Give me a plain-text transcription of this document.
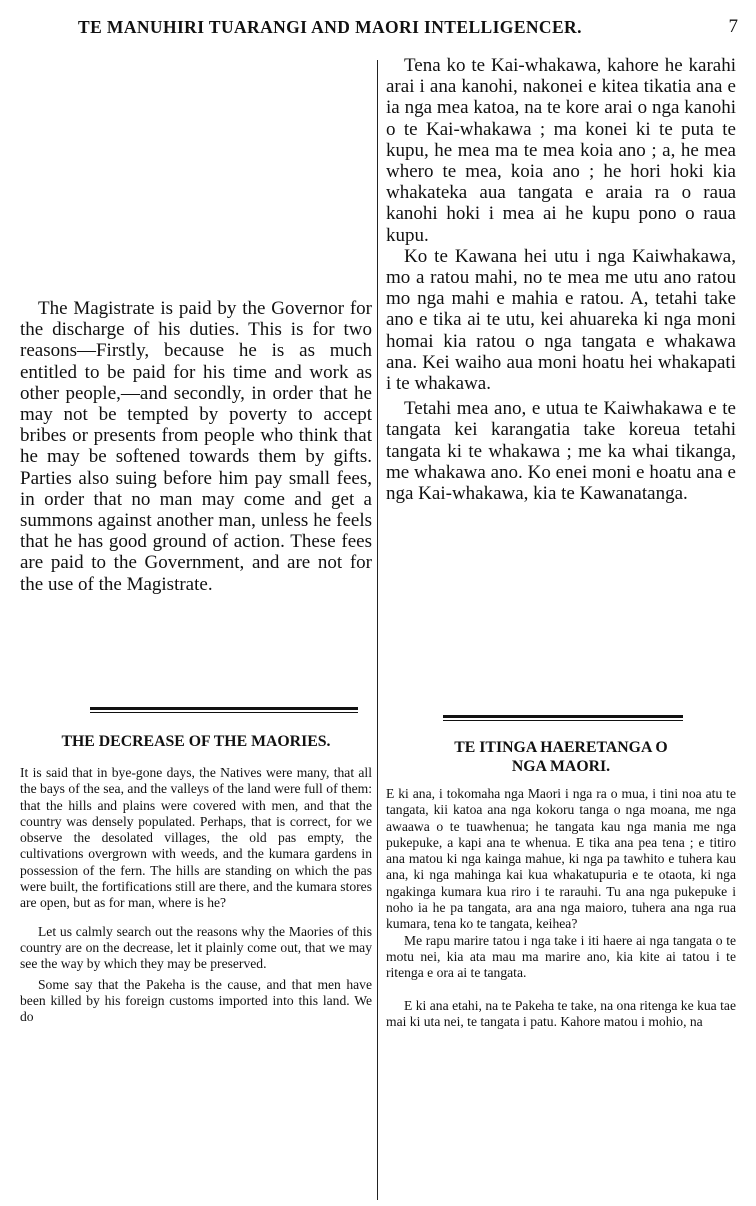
TE MANUHIRI TUARANGI AND MAORI INTELLIGENCER.	7

The Magistrate is paid by the Governor for the discharge of his duties. This is for two reasons—Firstly, because he is as much entitled to be paid for his time and work as other people,—and secondly, in order that he may not be tempted by poverty to accept bribes or presents from people who think that he may be softened towards them by gifts. Parties also suing before him pay small fees, in order that no man may come and get a summons against another man, unless he feels that he has good ground of action. These fees are paid to the Government, and are not for the use of the Magistrate.

THE DECREASE OF THE MAORIES.

It is said that in bye-gone days, the Natives were many, that all the bays of the sea, and the valleys of the land were full of them: that the hills and plains were covered with men, and that the country was densely populated. Perhaps, that is correct, for we observe the desolated villages, the old pas empty, the cultivations overgrown with weeds, and the kumara gardens in possession of the fern. The hills are standing on which the pas were built, the fortifications still are there, and the kumara stores are open, but as for man, where is he?

Let us calmly search out the reasons why the Maories of this country are on the decrease, let it plainly come out, that we may see the way by which they may be preserved.

Some say that the Pakeha is the cause, and that men have been killed by his foreign customs imported into this land. We do

Tena ko te Kai-whakawa, kahore he karahi arai i ana kanohi, nakonei e kitea tikatia ana e ia nga mea katoa, na te kore arai o nga kanohi o te Kai-whakawa ; ma konei ki te puta te kupu, he mea ma te mea koia ano ; a, he mea whero te mea, koia ano ; he hori hoki kia whakateka aua tangata e araia ra o raua kanohi hoki i mea ai he kupu pono o raua kupu.

Ko te Kawana hei utu i nga Kaiwhakawa, mo a ratou mahi, no te mea me utu ano ratou mo nga mahi e mahia e ratou. A, tetahi take ano e tika ai te utu, kei ahuareka ki nga moni homai kia ratou o nga tangata e whakawa ana. Kei waiho aua moni hoatu hei whakapati i te whakawa.

Tetahi mea ano, e utua te Kaiwhakawa e te tangata kei karangatia take koreua tetahi tangata ki te whakawa ; me ka whai tikanga, me whakawa ano. Ko enei moni e hoatu ana e nga Kai-whakawa, kia te Kawanatanga.

TE ITINGA HAERETANGA O NGA MAORI.

E ki ana, i tokomaha nga Maori i nga ra o mua, i tini noa atu te tangata, kii katoa ana nga kokoru tanga o nga moana, me nga awaawa o te tuawhenua; he tangata kau nga mania me nga pukepuke, a kapi ana te whenua. E tika ana pea tena ; e titiro ana matou ki nga kainga mahue, ki nga pa tawhito e tuhera kau ana, ki nga mahinga kai kua whakatupuria e te otaota, ki nga ngakinga kumara kua riro i te rarauhi. Tu ana nga pukepuke i noho ia he pa tangata, ara ana nga maioro, tuhera ana nga rua kumara, tena ko te tangata, keihea?

Me rapu marire tatou i nga take i iti haere ai nga tangata o te motu nei, kia ata mau ma marire ano, kia kite ai tatou i te ritenga e ora ai te tangata.

E ki ana etahi, na te Pakeha te take, na ona ritenga ke kua tae mai ki uta nei, te tangata i patu. Kahore matou i mohio, na
